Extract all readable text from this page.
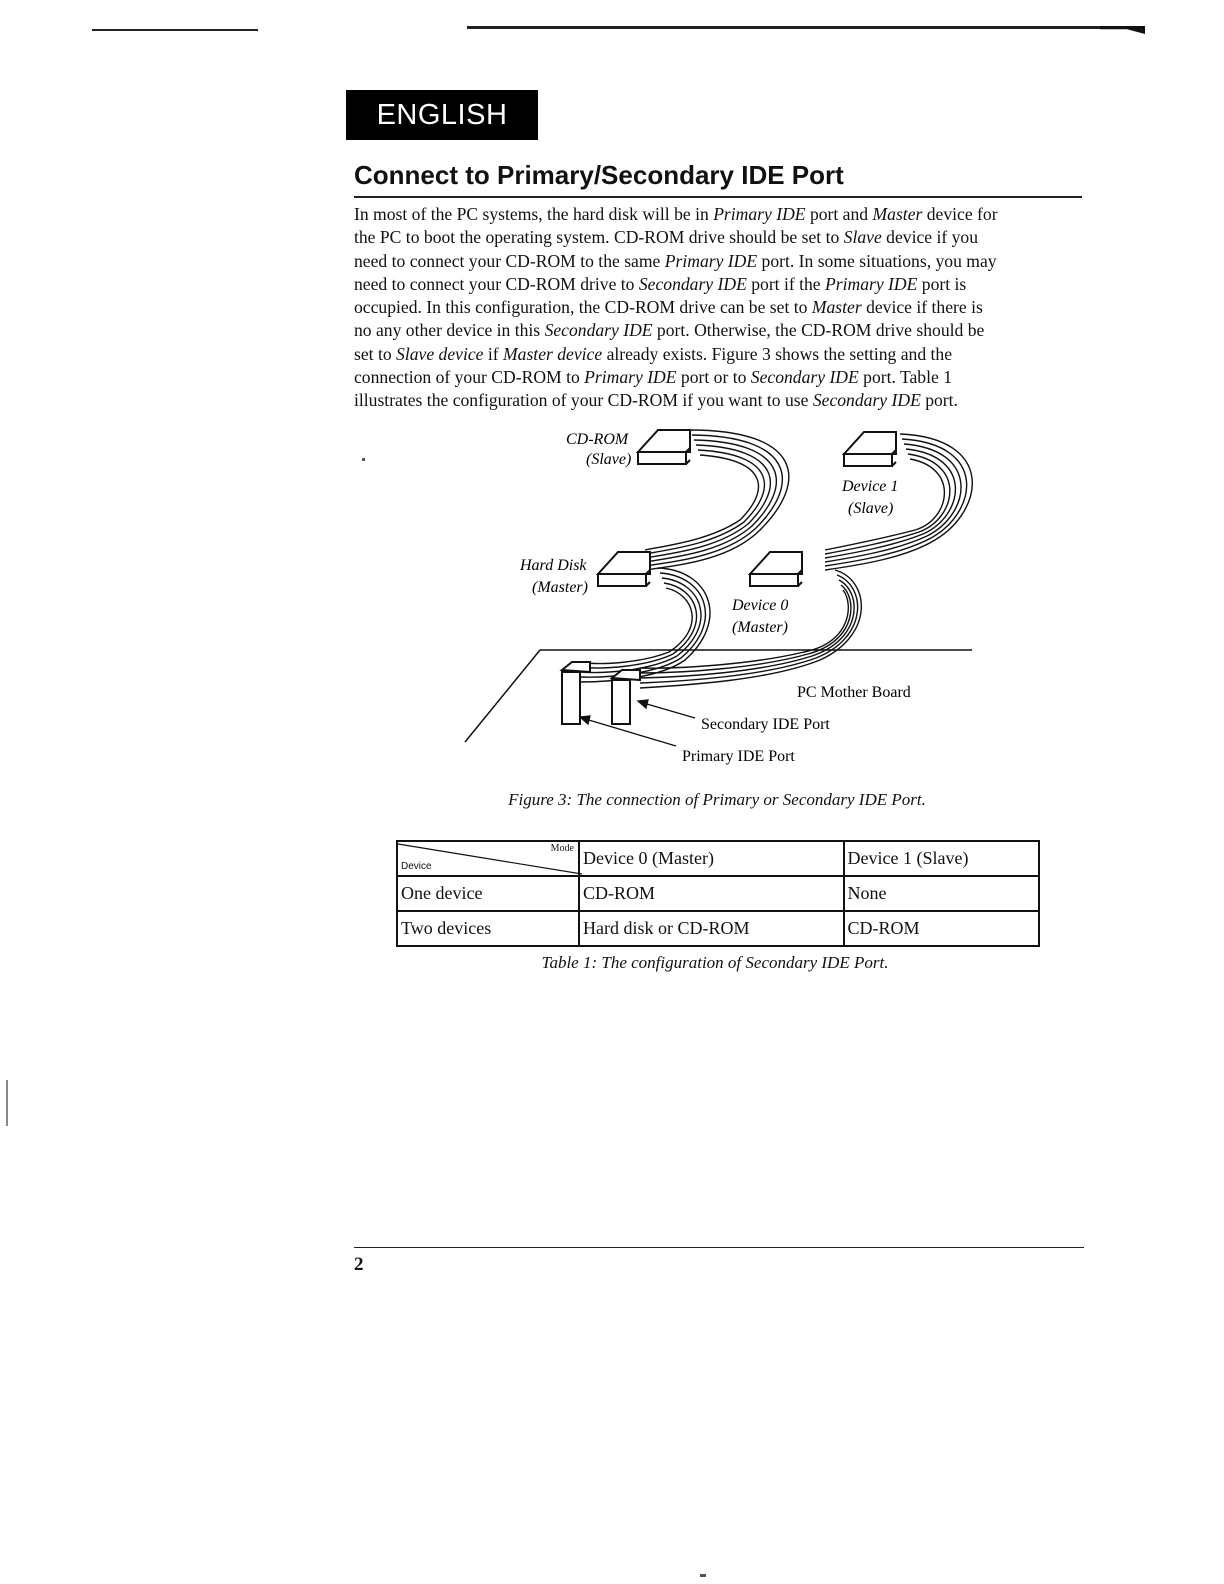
ENGLISH
Connect to Primary/Secondary IDE Port
In most of the PC systems, the hard disk will be in Primary IDE port and Master device for
the PC to boot the operating system. CD-ROM drive should be set to Slave device if you
need to connect your CD-ROM to the same Primary IDE port. In some situations, you may
need to connect your CD-ROM drive to Secondary IDE port if the Primary IDE port is
occupied. In this configuration, the CD-ROM drive can be set to Master device if there is
no any other device in this Secondary IDE port. Otherwise, the CD-ROM drive should be
set to Slave device if Master device already exists. Figure 3 shows the setting and the
connection of your CD-ROM to Primary IDE port or to Secondary IDE port. Table 1
illustrates the configuration of your CD-ROM if you want to use Secondary IDE port.
CD-ROM
(Slave)
Device 1
(Slave)
Hard Disk
(Master)
Device 0
(Master)
PC Mother Board
Secondary IDE Port
Primary IDE Port
Figure 3: The connection of Primary or Secondary IDE Port.
Mode
Device	Device 0 (Master)	Device 1 (Slave)
One device	CD-ROM	None
Two devices	Hard disk or CD-ROM	CD-ROM
Table 1: The configuration of Secondary IDE Port.
2
